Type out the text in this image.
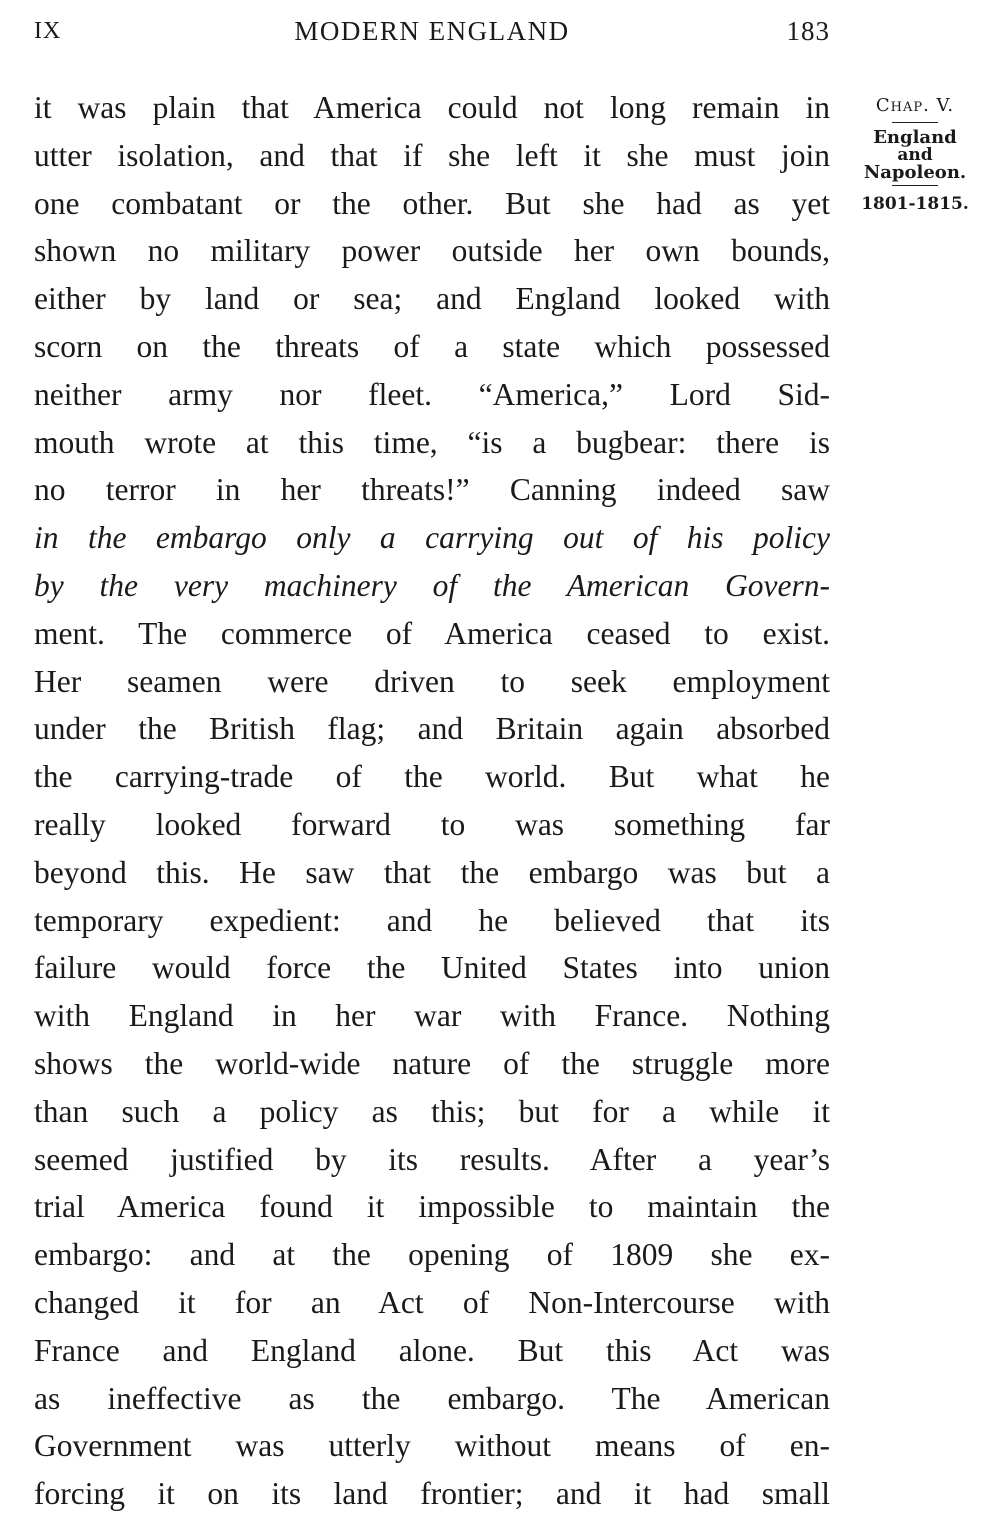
IX	MODERN ENGLAND	183
Chap. V.
England
and
Napoleon.
1801-1815.
it was plain that America could not long remain in
utter isolation, and that if she left it she must join
one combatant or the other. But she had as yet
shown no military power outside her own bounds,
either by land or sea; and England looked with
scorn on the threats of a state which possessed
neither army nor fleet. “America,” Lord Sid-
mouth wrote at this time, “is a bugbear: there is
no terror in her threats!” Canning indeed saw
in the embargo only a carrying out of his policy
by the very machinery of the American Govern-
ment. The commerce of America ceased to exist.
Her seamen were driven to seek employment
under the British flag; and Britain again absorbed
the carrying-trade of the world. But what he
really looked forward to was something far
beyond this. He saw that the embargo was but a
temporary expedient: and he believed that its
failure would force the United States into union
with England in her war with France. Nothing
shows the world-wide nature of the struggle more
than such a policy as this; but for a while it
seemed justified by its results. After a year’s
trial America found it impossible to maintain the
embargo: and at the opening of 1809 she ex-
changed it for an Act of Non-Intercourse with
France and England alone. But this Act was
as ineffective as the embargo. The American
Government was utterly without means of en-
forcing it on its land frontier; and it had small
